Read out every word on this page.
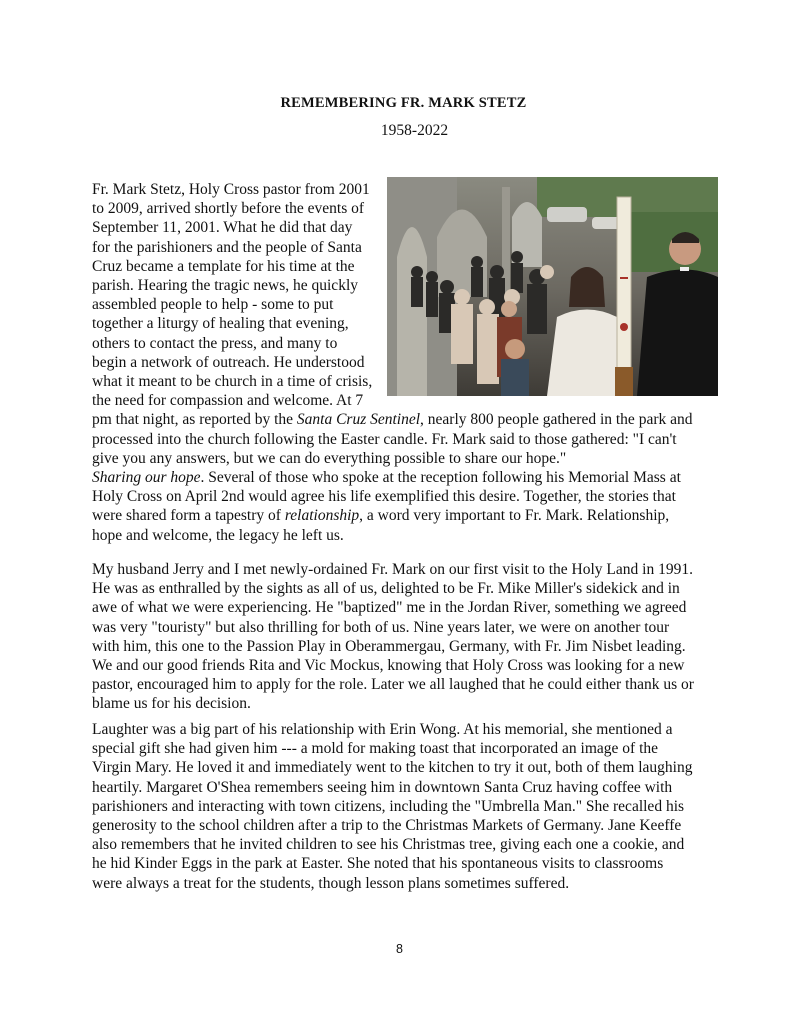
REMEMBERING FR. MARK STETZ
1958-2022
Fr. Mark Stetz, Holy Cross pastor from 2001
to 2009, arrived shortly before the events of
September 11, 2001. What he did that day
for the parishioners and the people of Santa
Cruz became a template for his time at the
parish. Hearing the tragic news, he quickly
assembled people to help - some to put
together a liturgy of healing that evening,
others to contact the press, and many to
begin a network of outreach. He understood
what it meant to be church in a time of crisis,
the need for compassion and welcome. At 7
pm that night, as reported by the Santa Cruz Sentinel, nearly 800 people gathered in the park and
processed into the church following the Easter candle. Fr. Mark said to those gathered: "I can't
give you any answers, but we can do everything possible to share our hope."
Sharing our hope. Several of those who spoke at the reception following his Memorial Mass at
Holy Cross on April 2nd would agree his life exemplified this desire. Together, the stories that
were shared form a tapestry of relationship, a word very important to Fr. Mark. Relationship,
hope and welcome, the legacy he left us.
My husband Jerry and I met newly-ordained Fr. Mark on our first visit to the Holy Land in 1991.
He was as enthralled by the sights as all of us, delighted to be Fr. Mike Miller's sidekick and in
awe of what we were experiencing. He "baptized" me in the Jordan River, something we agreed
was very "touristy" but also thrilling for both of us. Nine years later, we were on another tour
with him, this one to the Passion Play in Oberammergau, Germany, with Fr. Jim Nisbet leading.
We and our good friends Rita and Vic Mockus, knowing that Holy Cross was looking for a new
pastor, encouraged him to apply for the role. Later we all laughed that he could either thank us or
blame us for his decision.
Laughter was a big part of his relationship with Erin Wong. At his memorial, she mentioned a
special gift she had given him --- a mold for making toast that incorporated an image of the
Virgin Mary. He loved it and immediately went to the kitchen to try it out, both of them laughing
heartily. Margaret O'Shea remembers seeing him in downtown Santa Cruz having coffee with
parishioners and interacting with town citizens, including the "Umbrella Man." She recalled his
generosity to the school children after a trip to the Christmas Markets of Germany. Jane Keeffe
also remembers that he invited children to see his Christmas tree, giving each one a cookie, and
he hid Kinder Eggs in the park at Easter. She noted that his spontaneous visits to classrooms
were always a treat for the students, though lesson plans sometimes suffered.
8
